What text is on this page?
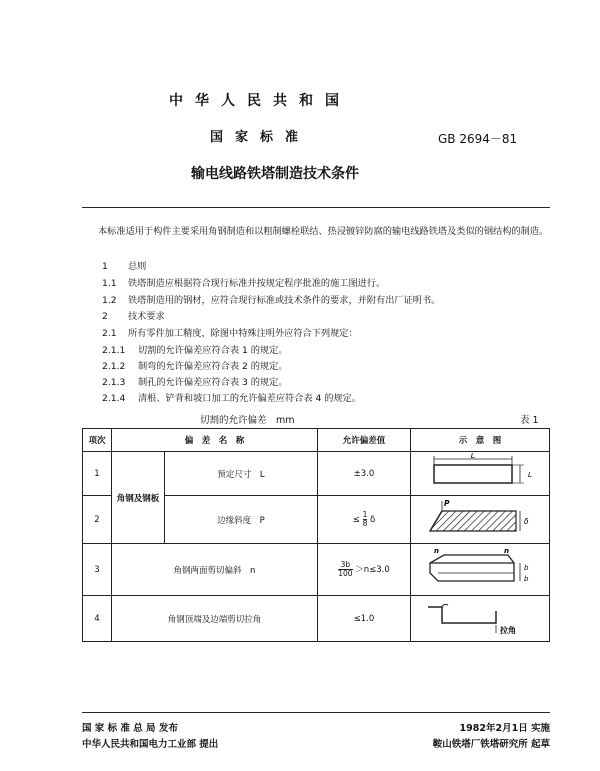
中华人民共和国
国家标准	GB 2694－81
输电线路铁塔制造技术条件
本标准适用于构件主要采用角钢制造和以粗制螺栓联结、热浸镀锌防腐的输电线路铁塔及类似的钢结构的制造。
1 总则
1.1 铁塔制造应根据符合现行标准并按规定程序批准的施工图进行。
1.2 铁塔制造用的钢材，应符合现行标准或技术条件的要求，并附有出厂证明书。
2 技术要求
2.1 所有零件加工精度，除图中特殊注明外应符合下列规定：
2.1.1 切割的允许偏差应符合表 1 的规定。
2.1.2 制弯的允许偏差应符合表 2 的规定。
2.1.3 制孔的允许偏差应符合表 3 的规定。
2.1.4 清根、铲背和坡口加工的允许偏差应符合表 4 的规定。
切割的允许偏差　mm	表 1
项次	偏　差　名　称		允许偏差值	示　意　图
1	角钢及钢板	预定尺寸　L	±3.0	L
L

2		边缘斜度　P	≤ $\frac{1}{8}$ δ	P
δ

3	角钢两面剪切偏斜　n		$\frac{3b}{100} >n\le 3.0$	n n
b
b

4	角钢顶端及边端剪切拉角		≤1.0	拉角
国 家 标 准 总 局 发布
中华人民共和国电力工业部 提出
1982年2月1日 实施
鞍山铁塔厂铁塔研究所 起草
